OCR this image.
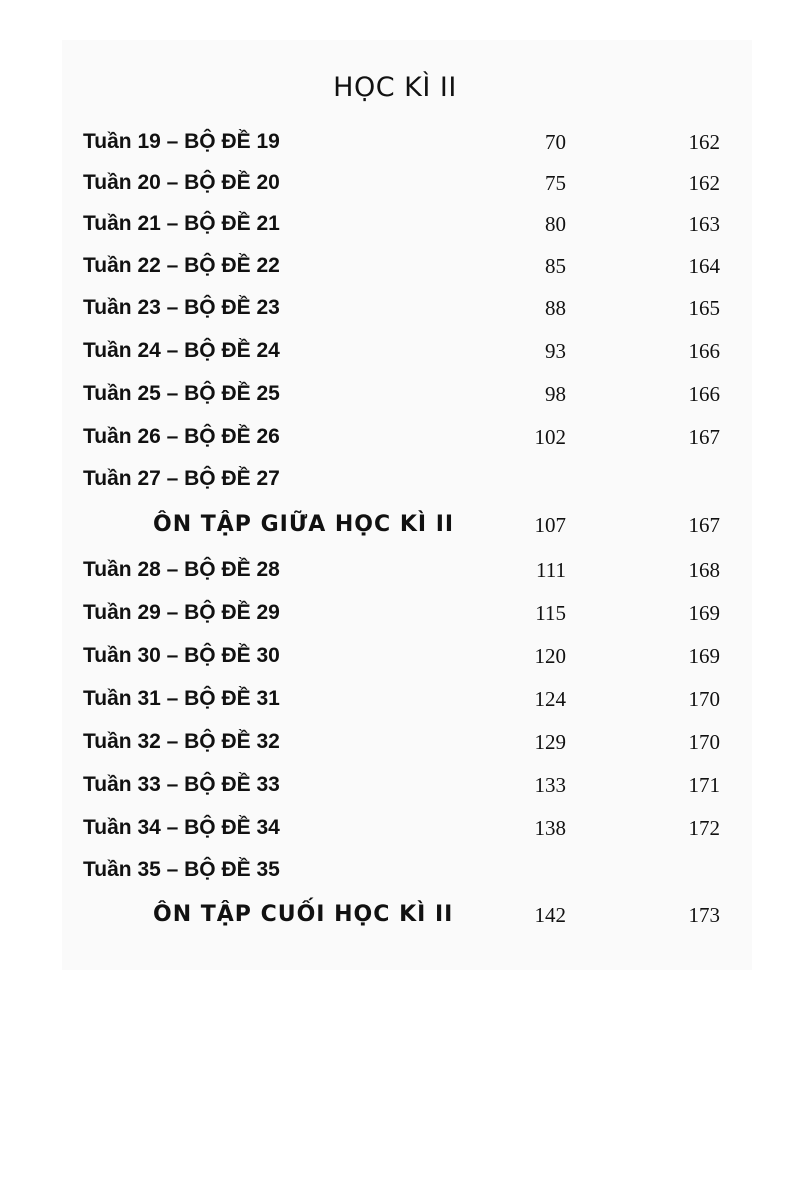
HỌC KÌ II
Tuần 19 – BỘ ĐỀ 19	70	162
Tuần 20 – BỘ ĐỀ 20	75	162
Tuần 21 – BỘ ĐỀ 21	80	163
Tuần 22 – BỘ ĐỀ 22	85	164
Tuần 23 – BỘ ĐỀ 23	88	165
Tuần 24 – BỘ ĐỀ 24	93	166
Tuần 25 – BỘ ĐỀ 25	98	166
Tuần 26 – BỘ ĐỀ 26	102	167
Tuần 27 – BỘ ĐỀ 27
ÔN TẬP GIỮA HỌC KÌ II	107	167
Tuần 28 – BỘ ĐỀ 28	111	168
Tuần 29 – BỘ ĐỀ 29	115	169
Tuần 30 – BỘ ĐỀ 30	120	169
Tuần 31 – BỘ ĐỀ 31	124	170
Tuần 32 – BỘ ĐỀ 32	129	170
Tuần 33 – BỘ ĐỀ 33	133	171
Tuần 34 – BỘ ĐỀ 34	138	172
Tuần 35 – BỘ ĐỀ 35
ÔN TẬP CUỐI HỌC KÌ II	142	173
